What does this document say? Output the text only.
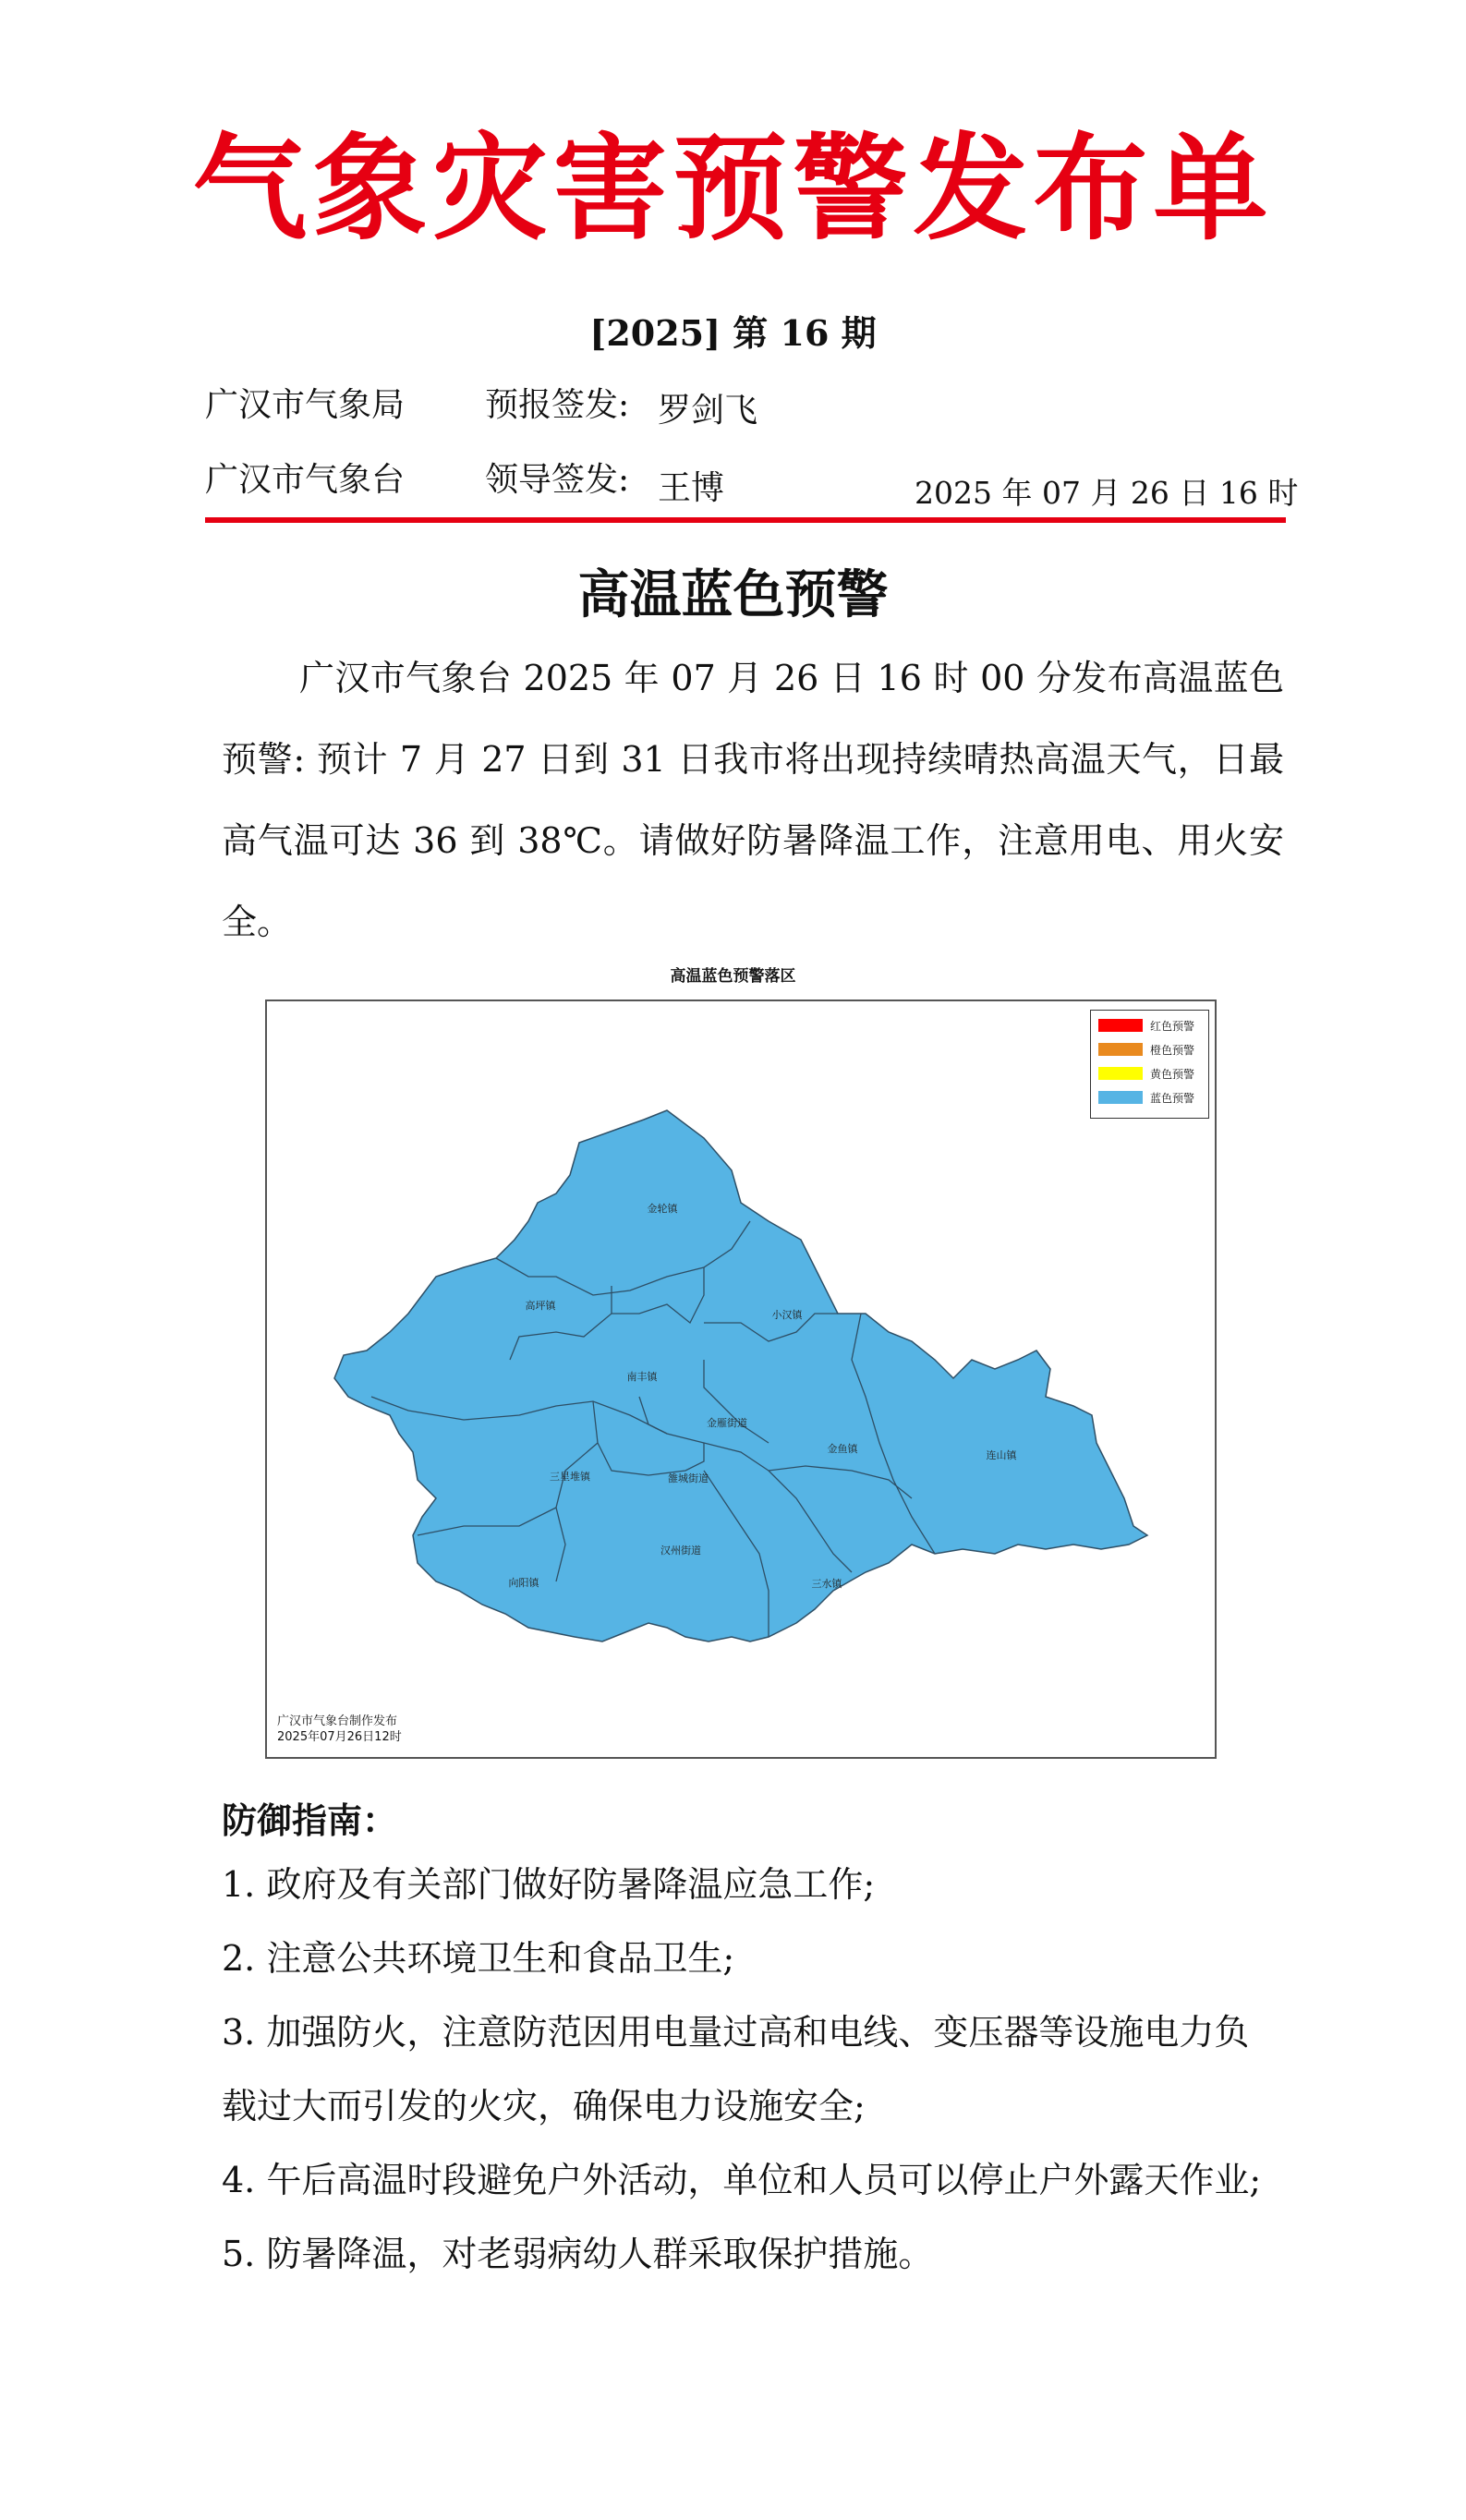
气象灾害预警发布单
[2025] 第 16 期
广汉市气象局 预报签发: 罗剑飞
广汉市气象台 领导签发: 王博	2025 年 07 月 26 日 16 时
高温蓝色预警
广汉市气象台 2025 年 07 月 26 日 16 时 00 分发布高温蓝色预警: 预计 7 月 27 日到 31 日我市将出现持续晴热高温天气，日最高气温可达 36 到 38℃。请做好防暑降温工作，注意用电、用火安全。
高温蓝色预警落区
金轮镇
高坪镇
小汉镇
南丰镇
金雁街道
连山镇
三星堆镇	雒城街道
金鱼镇
汉州街道
向阳镇	三水镇
红色预警
橙色预警
黄色预警
蓝色预警
广汉市气象台制作发布
2025年07月26日12时
防御指南：

1. 政府及有关部门做好防暑降温应急工作;

2. 注意公共环境卫生和食品卫生;

3. 加强防火，注意防范因用电量过高和电线、变压器等设施电力负载过大而引发的火灾，确保电力设施安全;

4. 午后高温时段避免户外活动，单位和人员可以停止户外露天作业;

5. 防暑降温，对老弱病幼人群采取保护措施。
